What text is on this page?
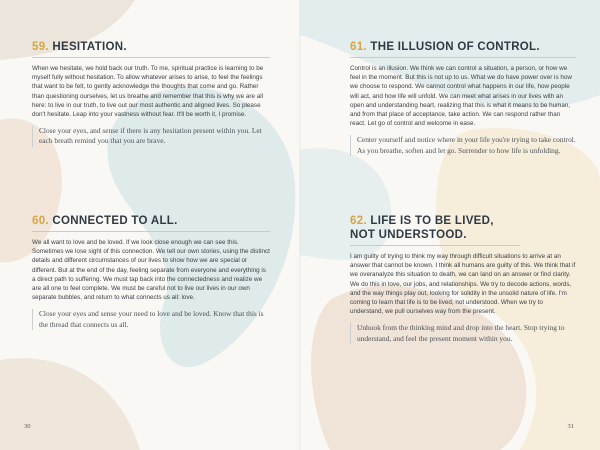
59. HESITATION.

When we hesitate, we hold back our truth. To me, spiritual practice is learning to be myself fully without hesitation. To allow whatever arises to arise, to feel the feelings that want to be felt, to gently acknowledge the thoughts that come and go. Rather than questioning ourselves, let us breathe and remember that this is why we are all here: to live in our truth, to live out our most authentic and aligned lives. So please don't hesitate. Leap into your vastness without fear. It'll be worth it, I promise.

Close your eyes, and sense if there is any hesitation present within you. Let each breath remind you that you are brave.
60. CONNECTED TO ALL.

We all want to love and be loved. If we look close enough we can see this. Sometimes we lose sight of this connection. We tell our own stories, using the distinct details and different circumstances of our lives to show how we are special or different. But at the end of the day, feeling separate from everyone and everything is a direct path to suffering. We must tap back into the connectedness and realize we are all one to feel complete. We must be careful not to live our lives in our own separate bubbles, and return to what connects us all: love.

Close your eyes and sense your need to love and be loved. Know that this is the thread that connects us all.
30
61. THE ILLUSION OF CONTROL.

Control is an illusion. We think we can control a situation, a person, or how we feel in the moment. But this is not up to us. What we do have power over is how we choose to respond. We cannot control what happens in our life, how people will act, and how life will unfold. We can meet what arises in our lives with an open and understanding heart, realizing that this is what it means to be human, and from that place of acceptance, take action. We can respond rather than react. Let go of control and welcome in ease.

Center yourself and notice where in your life you're trying to take control. As you breathe, soften and let go. Surrender to how life is unfolding.
62. LIFE IS TO BE LIVED, NOT UNDERSTOOD.

I am guilty of trying to think my way through difficult situations to arrive at an answer that cannot be known. I think all humans are guilty of this. We think that if we overanalyze this situation to death, we can land on an answer or find clarity. We do this in love, our jobs, and relationships. We try to decode actions, words, and the way things play out, looking for solidity in the unsolid nature of life. I'm coming to learn that life is to be lived, not understood. When we try to understand, we pull ourselves way from the present.

Unhook from the thinking mind and drop into the heart. Stop trying to understand, and feel the present moment within you.
31
